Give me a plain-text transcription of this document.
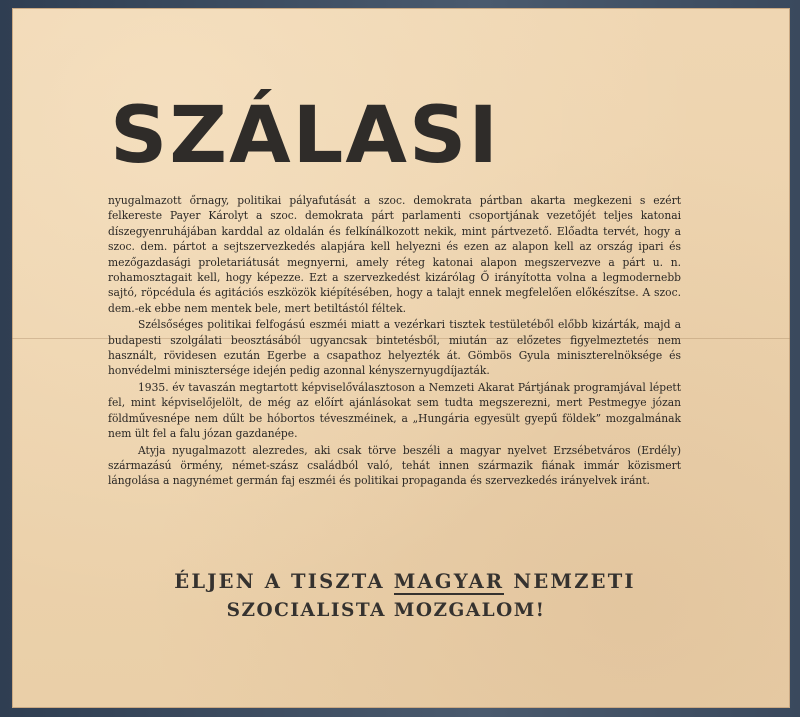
SZÁLASI

nyugalmazott őrnagy, politikai pályafutását a szoc. demokrata pártban akarta megkezeni s ezért felkereste Payer Károlyt a szoc. demokrata párt parlamenti csoportjának vezetőjét teljes katonai díszegyenruhájában karddal az oldalán és felkínálkozott nekik, mint pártvezető. Előadta tervét, hogy a szoc. dem. pártot a sejtszervezkedés alapjára kell helyezni és ezen az alapon kell az ország ipari és mezőgazdasági proletariátusát megnyerni, amely réteg katonai alapon megszervezve a párt u. n. rohamosztagait kell, hogy képezze. Ezt a szervezkedést kizárólag Ő irányította volna a legmodernebb sajtó, röpcédula és agitációs eszközök kiépítésében, hogy a talajt ennek megfelelően előkészítse. A szoc. dem.-ek ebbe nem mentek bele, mert betiltástól féltek.

Szélsőséges politikai felfogású eszméi miatt a vezérkari tisztek testületéből előbb kizárták, majd a budapesti szolgálati beosztásából ugyancsak bintetésből, miután az előzetes figyelmeztetés nem használt, rövidesen ezután Egerbe a csapathoz helyezték át. Gömbös Gyula miniszterelnöksége és honvédelmi minisztersége idején pedig azonnal kényszernyugdíjazták.

1935. év tavaszán megtartott képviselőválasztoson a Nemzeti Akarat Pártjának programjával lépett fel, mint képviselőjelölt, de még az előírt ajánlásokat sem tudta megszerezni, mert Pestmegye józan földművesnépe nem dűlt be hóbortos téveszméinek, a „Hungária egyesült gyepű földek” mozgalmának nem ült fel a falu józan gazdanépe.

Atyja nyugalmazott alezredes, aki csak törve beszéli a magyar nyelvet Erzsébetváros (Erdély) származású örmény, német-szász családból való, tehát innen származik fiának immár közismert lángolása a nagynémet germán faj eszméi és politikai propaganda és szervezkedés irányelvek iránt.

ÉLJEN A TISZTA MAGYAR NEMZETI
SZOCIALISTA MOZGALOM!
